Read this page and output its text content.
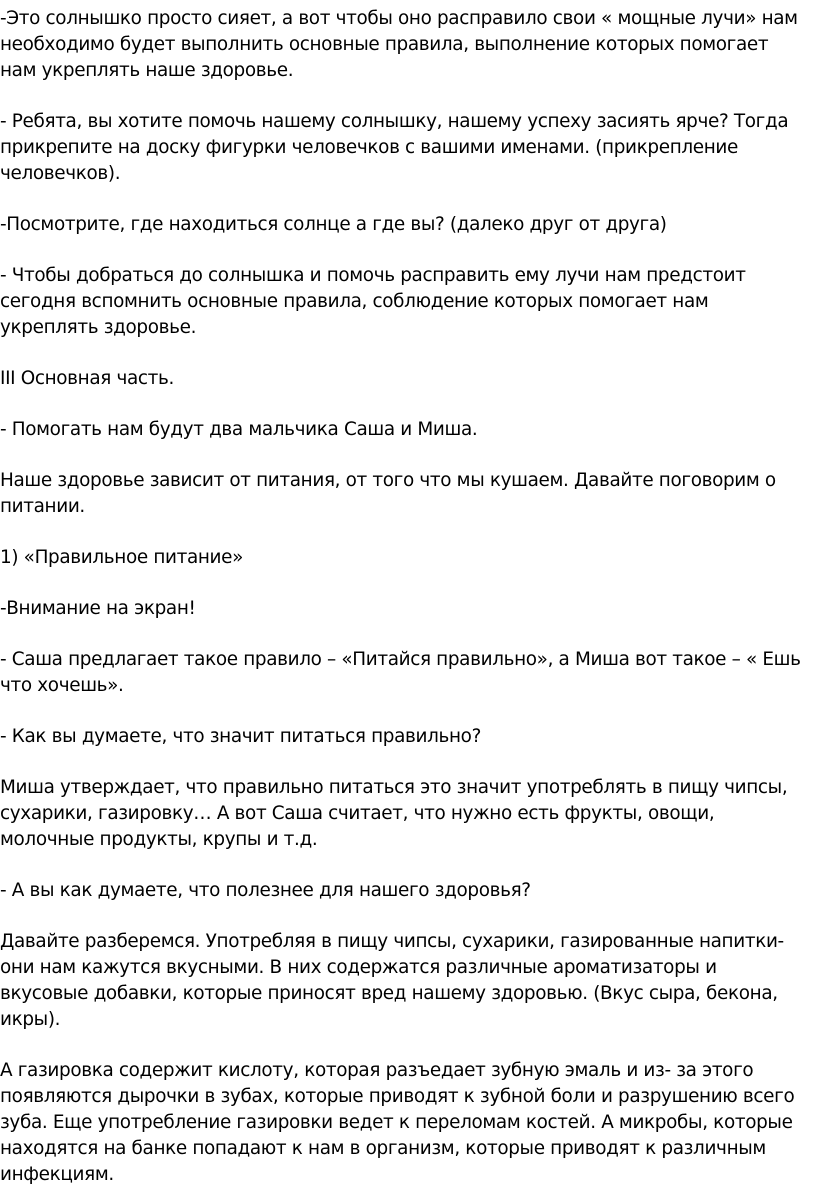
-Это солнышко просто сияет, а вот чтобы оно расправило свои « мощные лучи» нам необходимо будет выполнить основные правила, выполнение которых помогает нам укреплять наше здоровье.

- Ребята, вы хотите помочь нашему солнышку, нашему успеху засиять ярче? Тогда прикрепите на доску фигурки человечков с вашими именами. (прикрепление человечков).

-Посмотрите, где находиться солнце а где вы? (далеко друг от друга)

- Чтобы добраться до солнышка и помочь расправить ему лучи нам предстоит сегодня вспомнить основные правила, соблюдение которых помогает нам укреплять здоровье.

III Основная часть.

- Помогать нам будут два мальчика Саша и Миша.

Наше здоровье зависит от питания, от того что мы кушаем. Давайте поговорим о питании.

1) «Правильное питание»

-Внимание на экран!

- Саша предлагает такое правило – «Питайся правильно», а Миша вот такое – « Ешь что хочешь».

- Как вы думаете, что значит питаться правильно?

Миша утверждает, что правильно питаться это значит употреблять в пищу чипсы, сухарики, газировку… А вот Саша считает, что нужно есть фрукты, овощи, молочные продукты, крупы и т.д.

- А вы как думаете, что полезнее для нашего здоровья?

Давайте разберемся. Употребляя в пищу чипсы, сухарики, газированные напитки- они нам кажутся вкусными. В них содержатся различные ароматизаторы и вкусовые добавки, которые приносят вред нашему здоровью. (Вкус сыра, бекона, икры).

А газировка содержит кислоту, которая разъедает зубную эмаль и из- за этого появляются дырочки в зубах, которые приводят к зубной боли и разрушению всего зуба. Еще употребление газировки ведет к переломам костей. А микробы, которые находятся на банке попадают к нам в организм, которые приводят к различным инфекциям.
